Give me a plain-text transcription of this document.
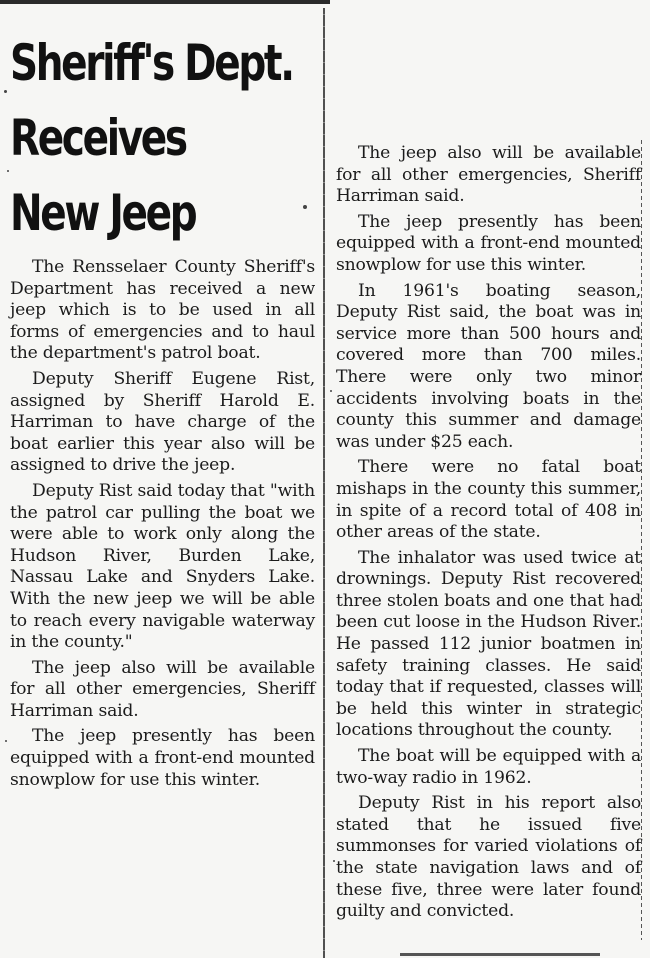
Sheriff's Dept.
Receives
New Jeep

The Rensselaer County Sheriff's Department has received a new jeep which is to be used in all forms of emergencies and to haul the department's patrol boat.

Deputy Sheriff Eugene Rist, assigned by Sheriff Harold E. Harriman to have charge of the boat earlier this year also will be assigned to drive the jeep.

Deputy Rist said today that "with the patrol car pulling the boat we were able to work only along the Hudson River, Burden Lake, Nassau Lake and Snyders Lake. With the new jeep we will be able to reach every navigable waterway in the county."

The jeep also will be available for all other emergencies, Sheriff Harriman said.

The jeep presently has been equipped with a front-end mounted snowplow for use this winter.

The jeep also will be available for all other emergencies, Sheriff Harriman said.

The jeep presently has been equipped with a front-end mounted snowplow for use this winter.

In 1961's boating season, Deputy Rist said, the boat was in service more than 500 hours and covered more than 700 miles. There were only two minor accidents involving boats in the county this summer and damage was under $25 each.

There were no fatal boat mishaps in the county this summer, in spite of a record total of 408 in other areas of the state.

The inhalator was used twice at drownings. Deputy Rist recovered three stolen boats and one that had been cut loose in the Hudson River. He passed 112 junior boatmen in safety training classes. He said today that if requested, classes will be held this winter in strategic locations throughout the county.

The boat will be equipped with a two-way radio in 1962.

Deputy Rist in his report also stated that he issued five summonses for varied violations of the state navigation laws and of these five, three were later found guilty and convicted.
